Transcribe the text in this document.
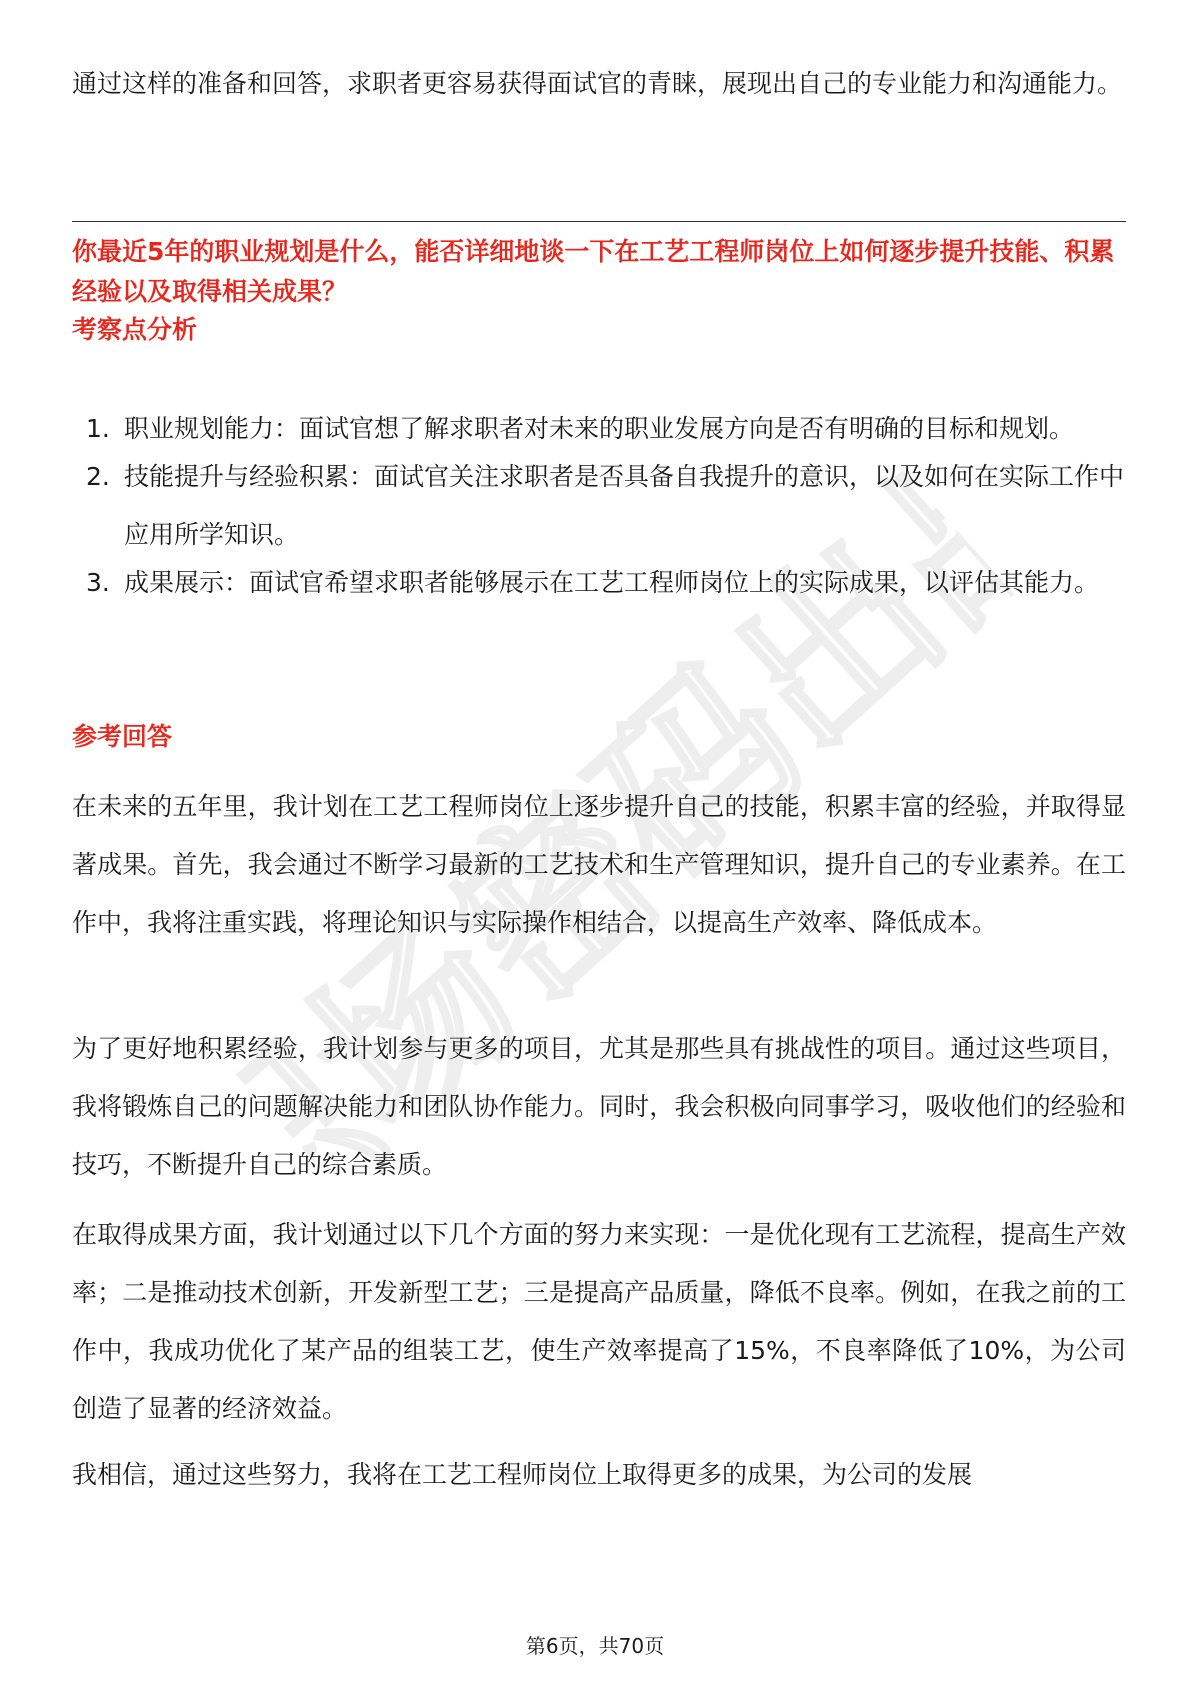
职场密码出品

通过这样的准备和回答，求职者更容易获得面试官的青睐，展现出自己的专业能力和沟通能力。

你最近5年的职业规划是什么，能否详细地谈一下在工艺工程师岗位上如何逐步提升技能、积累经验以及取得相关成果？

考察点分析

1. 职业规划能力：面试官想了解求职者对未来的职业发展方向是否有明确的目标和规划。
2. 技能提升与经验积累：面试官关注求职者是否具备自我提升的意识，以及如何在实际工作中应用所学知识。
3. 成果展示：面试官希望求职者能够展示在工艺工程师岗位上的实际成果，以评估其能力。

参考回答

在未来的五年里，我计划在工艺工程师岗位上逐步提升自己的技能，积累丰富的经验，并取得显著成果。首先，我会通过不断学习最新的工艺技术和生产管理知识，提升自己的专业素养。在工作中，我将注重实践，将理论知识与实际操作相结合，以提高生产效率、降低成本。

为了更好地积累经验，我计划参与更多的项目，尤其是那些具有挑战性的项目。通过这些项目，我将锻炼自己的问题解决能力和团队协作能力。同时，我会积极向同事学习，吸收他们的经验和技巧，不断提升自己的综合素质。

在取得成果方面，我计划通过以下几个方面的努力来实现：一是优化现有工艺流程，提高生产效率；二是推动技术创新，开发新型工艺；三是提高产品质量，降低不良率。例如，在我之前的工作中，我成功优化了某产品的组装工艺，使生产效率提高了15%，不良率降低了10%，为公司创造了显著的经济效益。

我相信，通过这些努力，我将在工艺工程师岗位上取得更多的成果，为公司的发展

第6页，共70页
